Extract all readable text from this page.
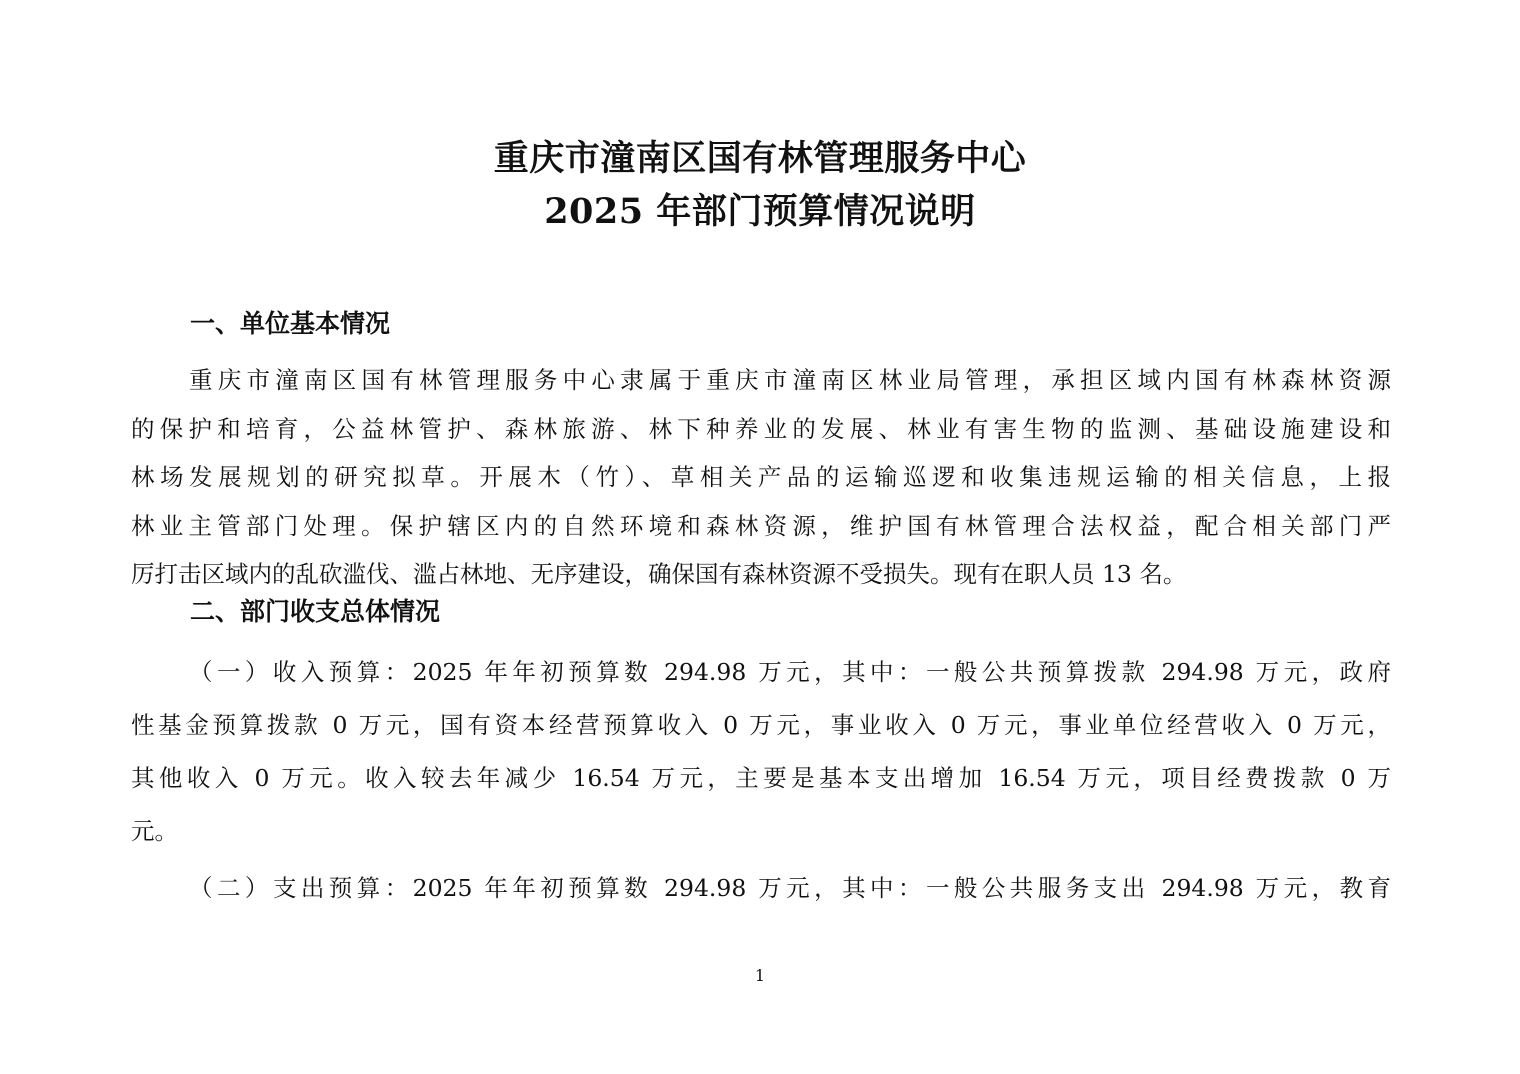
重庆市潼南区国有林管理服务中心
2025 年部门预算情况说明
一、单位基本情况
重庆市潼南区国有林管理服务中心隶属于重庆市潼南区林业局管理，承担区域内国有林森林资源
的保护和培育，公益林管护、森林旅游、林下种养业的发展、林业有害生物的监测、基础设施建设和
林场发展规划的研究拟草。开展木（竹）、草相关产品的运输巡逻和收集违规运输的相关信息，上报
林业主管部门处理。保护辖区内的自然环境和森林资源，维护国有林管理合法权益，配合相关部门严
厉打击区域内的乱砍滥伐、滥占林地、无序建设，确保国有森林资源不受损失。现有在职人员 13 名。
二、部门收支总体情况
（一）收入预算：2025 年年初预算数 294.98 万元，其中：一般公共预算拨款 294.98 万元，政府
性基金预算拨款 0 万元，国有资本经营预算收入 0 万元，事业收入 0 万元，事业单位经营收入 0 万元，
其他收入 0 万元。收入较去年减少 16.54 万元，主要是基本支出增加 16.54 万元，项目经费拨款 0 万
元。
（二）支出预算：2025 年年初预算数 294.98 万元，其中：一般公共服务支出 294.98 万元，教育
1
